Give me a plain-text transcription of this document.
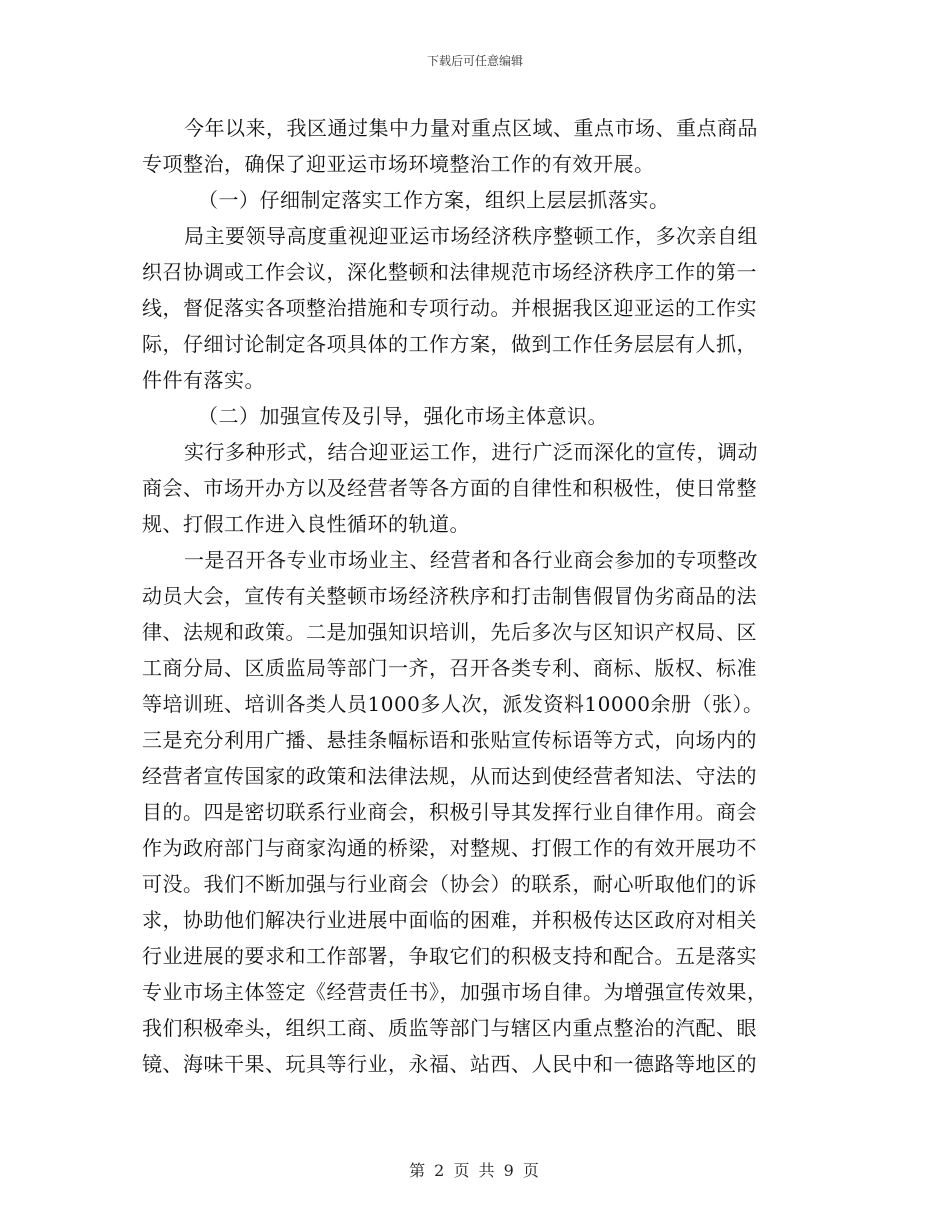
下载后可任意编辑
今年以来，我区通过集中力量对重点区域、重点市场、重点商品
专项整治，确保了迎亚运市场环境整治工作的有效开展。
（一）仔细制定落实工作方案，组织上层层抓落实。
局主要领导高度重视迎亚运市场经济秩序整顿工作，多次亲自组
织召协调或工作会议，深化整顿和法律规范市场经济秩序工作的第一
线，督促落实各项整治措施和专项行动。并根据我区迎亚运的工作实
际，仔细讨论制定各项具体的工作方案，做到工作任务层层有人抓，
件件有落实。
（二）加强宣传及引导，强化市场主体意识。
实行多种形式，结合迎亚运工作，进行广泛而深化的宣传，调动
商会、市场开办方以及经营者等各方面的自律性和积极性，使日常整
规、打假工作进入良性循环的轨道。
一是召开各专业市场业主、经营者和各行业商会参加的专项整改
动员大会，宣传有关整顿市场经济秩序和打击制售假冒伪劣商品的法
律、法规和政策。二是加强知识培训，先后多次与区知识产权局、区
工商分局、区质监局等部门一齐，召开各类专利、商标、版权、标准
等培训班、培训各类人员1000多人次，派发资料10000余册（张）。
三是充分利用广播、悬挂条幅标语和张贴宣传标语等方式，向场内的
经营者宣传国家的政策和法律法规，从而达到使经营者知法、守法的
目的。四是密切联系行业商会，积极引导其发挥行业自律作用。商会
作为政府部门与商家沟通的桥梁，对整规、打假工作的有效开展功不
可没。我们不断加强与行业商会（协会）的联系，耐心听取他们的诉
求，协助他们解决行业进展中面临的困难，并积极传达区政府对相关
行业进展的要求和工作部署，争取它们的积极支持和配合。五是落实
专业市场主体签定《经营责任书》，加强市场自律。为增强宣传效果，
我们积极牵头，组织工商、质监等部门与辖区内重点整治的汽配、眼
镜、海味干果、玩具等行业，永福、站西、人民中和一德路等地区的
第 2 页 共 9 页
